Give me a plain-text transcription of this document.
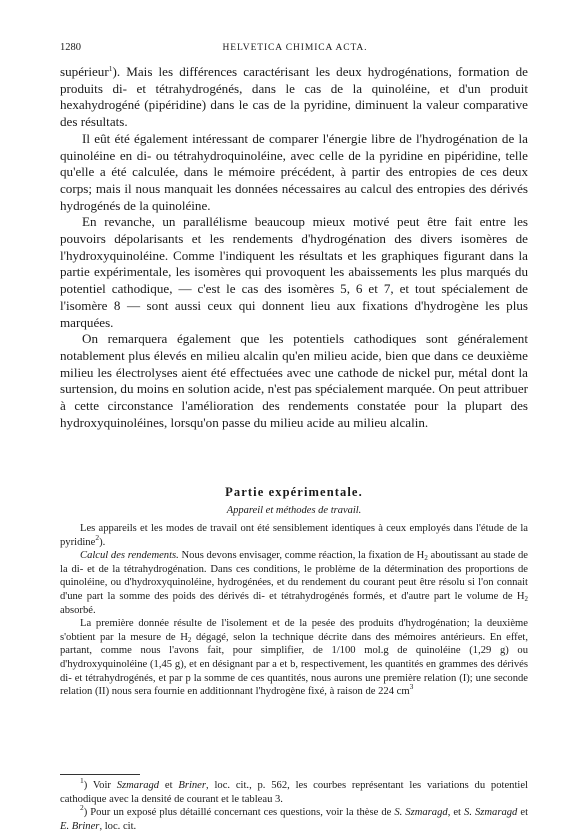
1280	HELVETICA CHIMICA ACTA.

supérieur$^1$). Mais les différences caractérisant les deux hydrogénations, formation de produits di- et tétrahydrogénés, dans le cas de la quinoléine, et d'un produit hexahydrogéné (pipéridine) dans le cas de la pyridine, diminuent la valeur comparative des résultats.

Il eût été également intéressant de comparer l'énergie libre de l'hydrogénation de la quinoléine en di- ou tétrahydroquinoléine, avec celle de la pyridine en pipéridine, telle qu'elle a été calculée, dans le mémoire précédent, à partir des entropies de ces deux corps; mais il nous manquait les données nécessaires au calcul des entropies des dérivés hydrogénés de la quinoléine.

En revanche, un parallélisme beaucoup mieux motivé peut être fait entre les pouvoirs dépolarisants et les rendements d'hydrogénation des divers isomères de l'hydroxyquinoléine. Comme l'indiquent les résultats et les graphiques figurant dans la partie expérimentale, les isomères qui provoquent les abaissements les plus marqués du potentiel cathodique, — c'est le cas des isomères 5, 6 et 7, et tout spécialement de l'isomère 8 — sont aussi ceux qui donnent lieu aux fixations d'hydrogène les plus marquées.

On remarquera également que les potentiels cathodiques sont généralement notablement plus élevés en milieu alcalin qu'en milieu acide, bien que dans ce deuxième milieu les électrolyses aient été effectuées avec une cathode de nickel pur, métal dont la surtension, du moins en solution acide, n'est pas spécialement marquée. On peut attribuer à cette circonstance l'amélioration des rendements constatée pour la plupart des hydroxyquinoléines, lorsqu'on passe du milieu acide au milieu alcalin.

Partie expérimentale.
Appareil et méthodes de travail.

Les appareils et les modes de travail ont été sensiblement identiques à ceux employés dans l'étude de la pyridine$^2$).

Calcul des rendements. Nous devons envisager, comme réaction, la fixation de $H_2$ aboutissant au stade de la di- et de la tétrahydrogénation. Dans ces conditions, le problème de la détermination des proportions de quinoléine, ou d'hydroxyquinoléine, hydrogénées, et du rendement du courant peut être résolu si l'on connait d'une part la somme des poids des dérivés di- et tétrahydrogénés formés, et d'autre part le volume de $H_2$ absorbé.

La première donnée résulte de l'isolement et de la pesée des produits d'hydrogénation; la deuxième s'obtient par la mesure de $H_2$ dégagé, selon la technique décrite dans des mémoires antérieurs. En effet, partant, comme nous l'avons fait, pour simplifier, de 1/100 mol.g de quinoléine (1,29 g) ou d'hydroxyquinoléine (1,45 g), et en désignant par a et b, respectivement, les quantités en grammes des dérivés di- et tétrahydrogénés, et par p la somme de ces quantités, nous aurons une première relation (I); une seconde relation (II) nous sera fournie en additionnant l'hydrogène fixé, à raison de 224 $cm^3$

$^1$) Voir Szmaragd et Briner, loc. cit., p. 562, les courbes représentant les variations du potentiel cathodique avec la densité de courant et le tableau 3.

$^2$) Pour un exposé plus détaillé concernant ces questions, voir la thèse de S. Szmaragd, et S. Szmaragd et E. Briner, loc. cit.
